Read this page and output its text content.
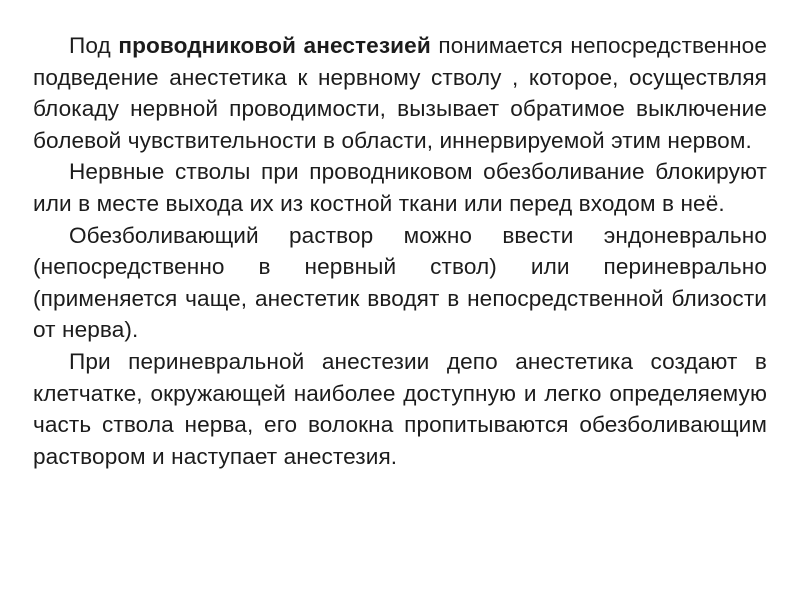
Под проводниковой анестезией понимается непосредственное подведение анестетика к нервному стволу , которое, осуществляя блокаду нервной проводимости, вызывает обратимое выключение болевой чувствительности в области, иннервируемой этим нервом.

Нервные стволы при проводниковом обезболивание блокируют или в месте выхода их из костной ткани или перед входом в неё.

Обезболивающий раствор можно ввести эндоневрально (непосредственно в нервный ствол) или периневрально (применяется чаще, анестетик вводят в непосредственной близости от нерва).

При периневральной анестезии депо анестетика создают в клетчатке, окружающей наиболее доступную и легко определяемую часть ствола нерва, его волокна пропитываются обезболивающим раствором и наступает анестезия.
